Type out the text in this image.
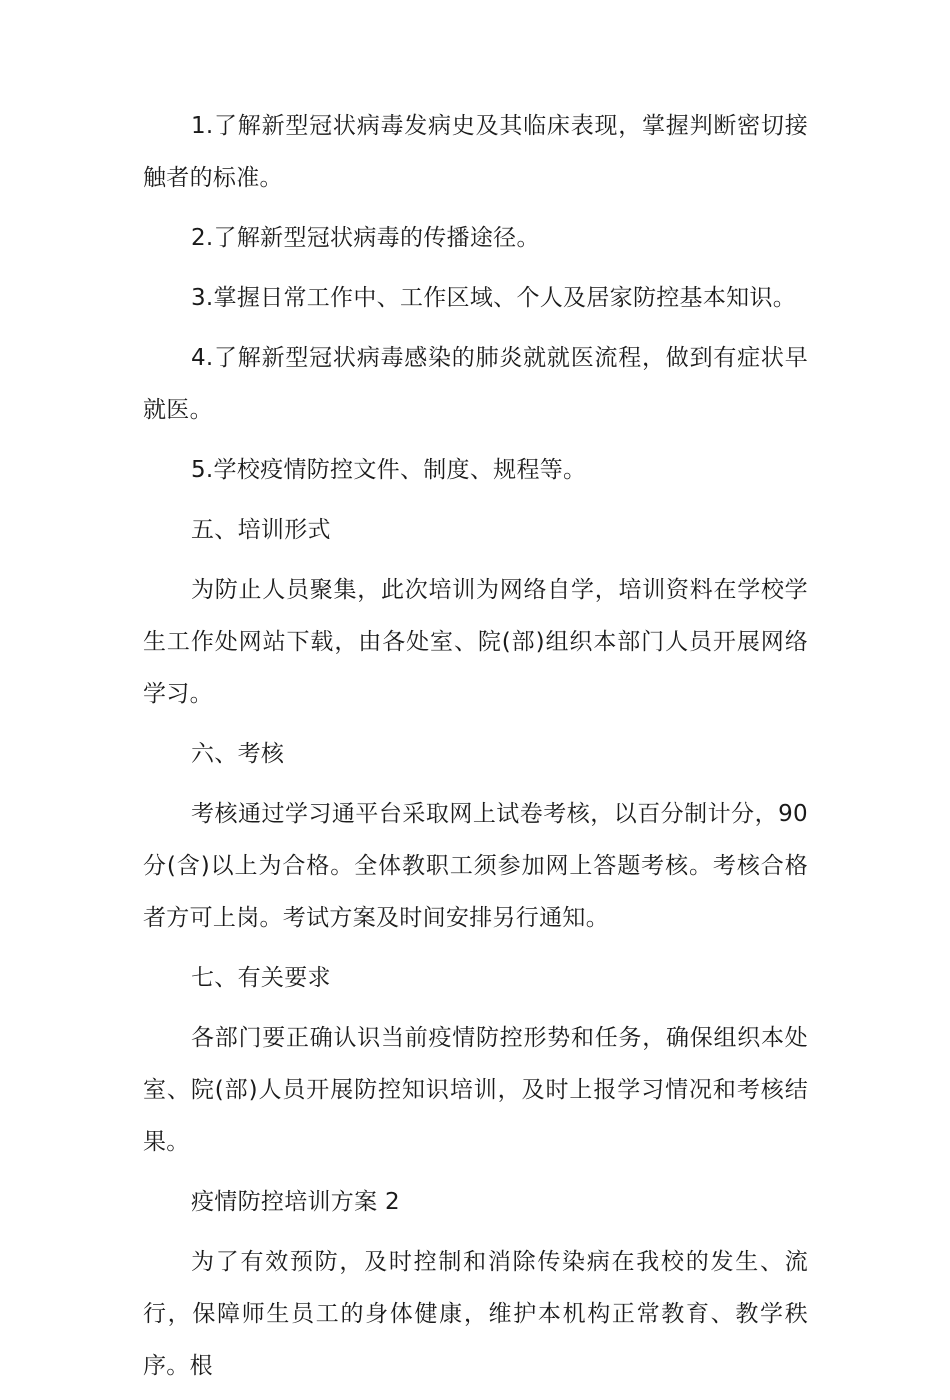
1.了解新型冠状病毒发病史及其临床表现，掌握判断密切接触者的标准。

2.了解新型冠状病毒的传播途径。

3.掌握日常工作中、工作区域、个人及居家防控基本知识。

4.了解新型冠状病毒感染的肺炎就就医流程，做到有症状早就医。

5.学校疫情防控文件、制度、规程等。

五、培训形式

为防止人员聚集，此次培训为网络自学，培训资料在学校学生工作处网站下载，由各处室、院(部)组织本部门人员开展网络学习。

六、考核

考核通过学习通平台采取网上试卷考核，以百分制计分，90分(含)以上为合格。全体教职工须参加网上答题考核。考核合格者方可上岗。考试方案及时间安排另行通知。

七、有关要求

各部门要正确认识当前疫情防控形势和任务，确保组织本处室、院(部)人员开展防控知识培训，及时上报学习情况和考核结果。

疫情防控培训方案 2

为了有效预防，及时控制和消除传染病在我校的发生、流行，保障师生员工的身体健康，维护本机构正常教育、教学秩序。根
